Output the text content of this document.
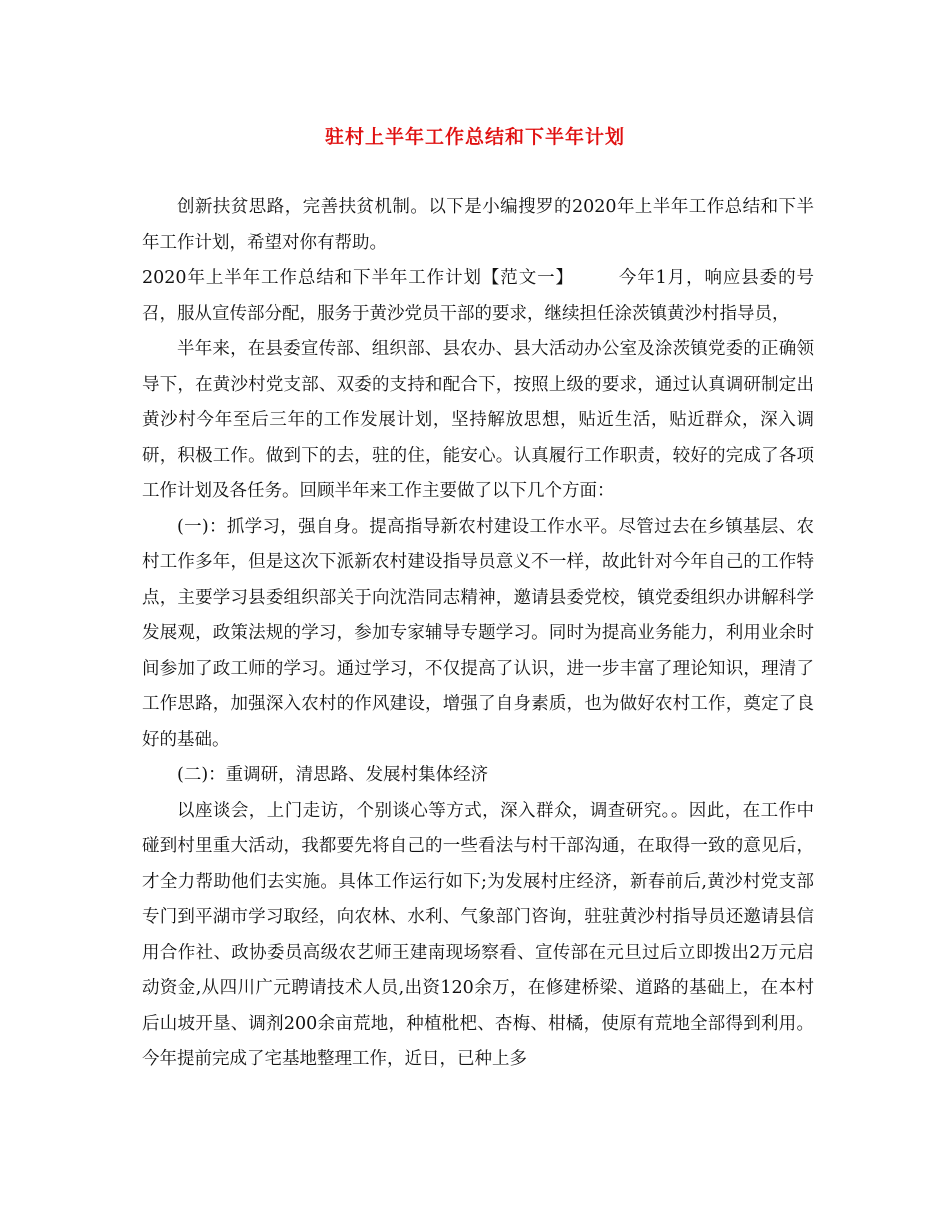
驻村上半年工作总结和下半年计划

创新扶贫思路，完善扶贫机制。以下是小编搜罗的2020年上半年工作总结和下半年工作计划，希望对你有帮助。

2020年上半年工作总结和下半年工作计划【范文一】	今年1月，响应县委的号召，服从宣传部分配，服务于黄沙党员干部的要求，继续担任涂茨镇黄沙村指导员，

半年来，在县委宣传部、组织部、县农办、县大活动办公室及涂茨镇党委的正确领导下，在黄沙村党支部、双委的支持和配合下，按照上级的要求，通过认真调研制定出黄沙村今年至后三年的工作发展计划，坚持解放思想，贴近生活，贴近群众，深入调研，积极工作。做到下的去，驻的住，能安心。认真履行工作职责，较好的完成了各项工作计划及各任务。回顾半年来工作主要做了以下几个方面：

(一)：抓学习，强自身。提高指导新农村建设工作水平。尽管过去在乡镇基层、农村工作多年，但是这次下派新农村建设指导员意义不一样，故此针对今年自己的工作特点，主要学习县委组织部关于向沈浩同志精神，邀请县委党校，镇党委组织办讲解科学发展观，政策法规的学习，参加专家辅导专题学习。同时为提高业务能力，利用业余时间参加了政工师的学习。通过学习，不仅提高了认识，进一步丰富了理论知识，理清了工作思路，加强深入农村的作风建设，增强了自身素质，也为做好农村工作，奠定了良好的基础。

(二)：重调研，清思路、发展村集体经济

以座谈会，上门走访，个别谈心等方式，深入群众，调查研究。。因此，在工作中碰到村里重大活动，我都要先将自己的一些看法与村干部沟通，在取得一致的意见后，才全力帮助他们去实施。具体工作运行如下;为发展村庄经济，新春前后,黄沙村党支部专门到平湖市学习取经，向农林、水利、气象部门咨询，驻驻黄沙村指导员还邀请县信用合作社、政协委员高级农艺师王建南现场察看、宣传部在元旦过后立即拨出2万元启动资金,从四川广元聘请技术人员,出资120余万，在修建桥梁、道路的基础上，在本村后山坡开垦、调剂200余亩荒地，种植枇杷、杏梅、柑橘，使原有荒地全部得到利用。今年提前完成了宅基地整理工作，近日，已种上多
